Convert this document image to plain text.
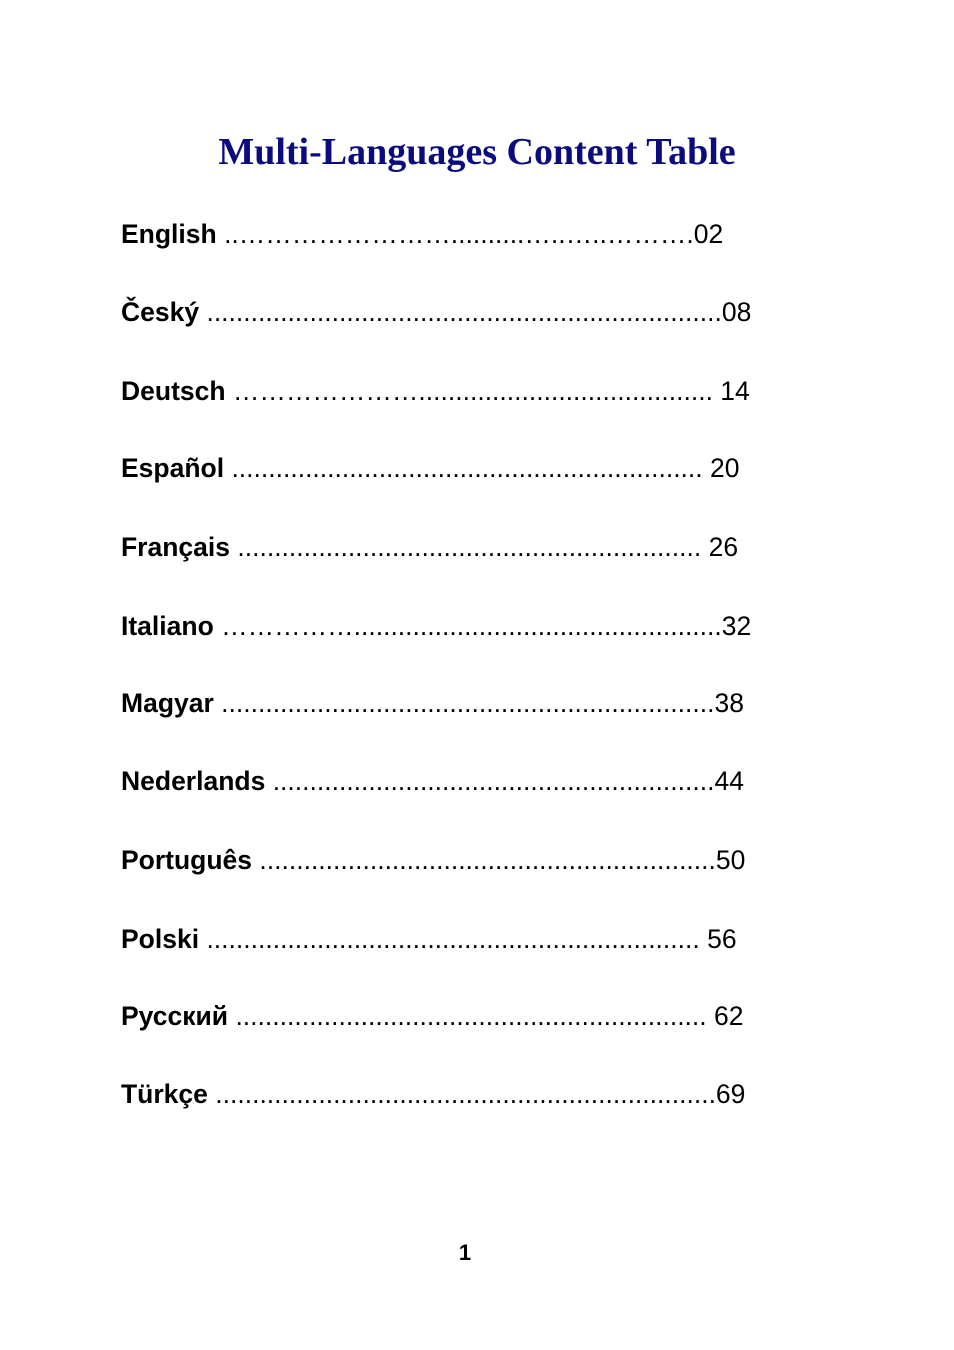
Multi-Languages Content Table
English ..……………………..........…..…..……….02
Český ......................................................................08
Deutsch …………………........................................ 14
Español ................................................................ 20
Français ............................................................... 26
Italiano ……………..................................................32
Magyar ...................................................................38
Nederlands ............................................................44
Português ..............................................................50
Polski ................................................................... 56
Русский ................................................................ 62
Türkçe ....................................................................69
1
